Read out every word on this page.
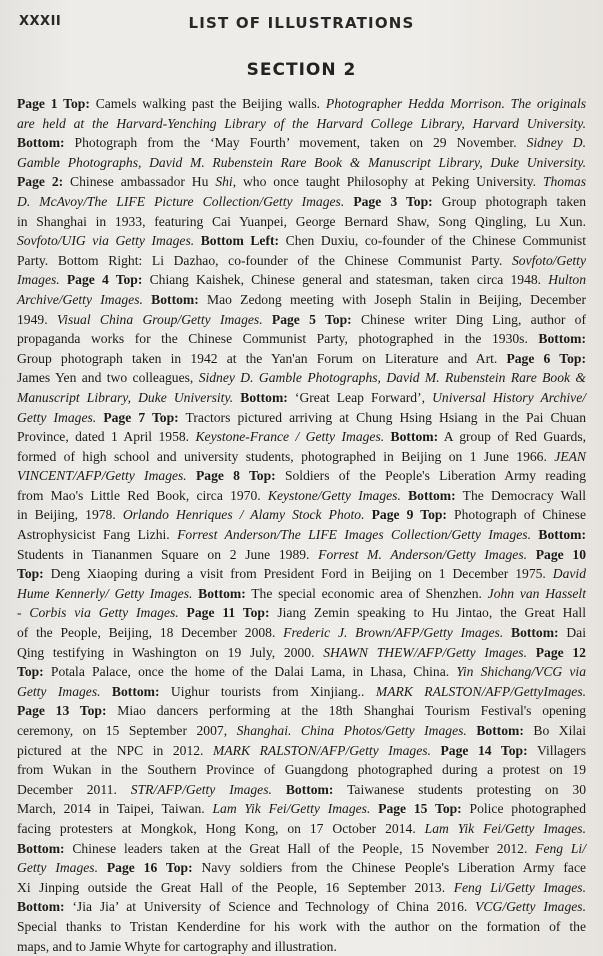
XXXII	LIST OF ILLUSTRATIONS
SECTION 2
Page 1 Top: Camels walking past the Beijing walls. Photographer Hedda Morrison. The originals
are held at the Harvard-Yenching Library of the Harvard College Library, Harvard University.
Bottom: Photograph from the ‘May Fourth’ movement, taken on 29 November. Sidney D.
Gamble Photographs, David M. Rubenstein Rare Book & Manuscript Library, Duke University.
Page 2: Chinese ambassador Hu Shi, who once taught Philosophy at Peking University. Thomas
D. McAvoy/The LIFE Picture Collection/Getty Images. Page 3 Top: Group photograph taken
in Shanghai in 1933, featuring Cai Yuanpei, George Bernard Shaw, Song Qingling, Lu Xun.
Sovfoto/UIG via Getty Images. Bottom Left: Chen Duxiu, co-founder of the Chinese Communist
Party. Bottom Right: Li Dazhao, co-founder of the Chinese Communist Party. Sovfoto/Getty
Images. Page 4 Top: Chiang Kaishek, Chinese general and statesman, taken circa 1948. Hulton
Archive/Getty Images. Bottom: Mao Zedong meeting with Joseph Stalin in Beijing, December
1949. Visual China Group/Getty Images. Page 5 Top: Chinese writer Ding Ling, author of
propaganda works for the Chinese Communist Party, photographed in the 1930s. Bottom:
Group photograph taken in 1942 at the Yan'an Forum on Literature and Art. Page 6 Top:
James Yen and two colleagues, Sidney D. Gamble Photographs, David M. Rubenstein Rare Book &
Manuscript Library, Duke University. Bottom: ‘Great Leap Forward’, Universal History Archive/
Getty Images. Page 7 Top: Tractors pictured arriving at Chung Hsing Hsiang in the Pai Chuan
Province, dated 1 April 1958. Keystone-France / Getty Images. Bottom: A group of Red Guards,
formed of high school and university students, photographed in Beijing on 1 June 1966. JEAN
VINCENT/AFP/Getty Images. Page 8 Top: Soldiers of the People's Liberation Army reading
from Mao's Little Red Book, circa 1970. Keystone/Getty Images. Bottom: The Democracy Wall
in Beijing, 1978. Orlando Henriques / Alamy Stock Photo. Page 9 Top: Photograph of Chinese
Astrophysicist Fang Lizhi. Forrest Anderson/The LIFE Images Collection/Getty Images. Bottom:
Students in Tiananmen Square on 2 June 1989. Forrest M. Anderson/Getty Images. Page 10
Top: Deng Xiaoping during a visit from President Ford in Beijing on 1 December 1975. David
Hume Kennerly/ Getty Images. Bottom: The special economic area of Shenzhen. John van Hasselt
- Corbis via Getty Images. Page 11 Top: Jiang Zemin speaking to Hu Jintao, the Great Hall
of the People, Beijing, 18 December 2008. Frederic J. Brown/AFP/Getty Images. Bottom: Dai
Qing testifying in Washington on 19 July, 2000. SHAWN THEW/AFP/Getty Images. Page 12
Top: Potala Palace, once the home of the Dalai Lama, in Lhasa, China. Yin Shichang/VCG via
Getty Images. Bottom: Uighur tourists from Xinjiang.. MARK RALSTON/AFP/GettyImages.
Page 13 Top: Miao dancers performing at the 18th Shanghai Tourism Festival's opening
ceremony, on 15 September 2007, Shanghai. China Photos/Getty Images. Bottom: Bo Xilai
pictured at the NPC in 2012. MARK RALSTON/AFP/Getty Images. Page 14 Top: Villagers
from Wukan in the Southern Province of Guangdong photographed during a protest on 19
December 2011. STR/AFP/Getty Images. Bottom: Taiwanese students protesting on 30
March, 2014 in Taipei, Taiwan. Lam Yik Fei/Getty Images. Page 15 Top: Police photographed
facing protesters at Mongkok, Hong Kong, on 17 October 2014. Lam Yik Fei/Getty Images.
Bottom: Chinese leaders taken at the Great Hall of the People, 15 November 2012. Feng Li/
Getty Images. Page 16 Top: Navy soldiers from the Chinese People's Liberation Army face
Xi Jinping outside the Great Hall of the People, 16 September 2013. Feng Li/Getty Images.
Bottom: ‘Jia Jia’ at University of Science and Technology of China 2016. VCG/Getty Images.
Special thanks to Tristan Kenderdine for his work with the author on the formation of the
maps, and to Jamie Whyte for cartography and illustration.
